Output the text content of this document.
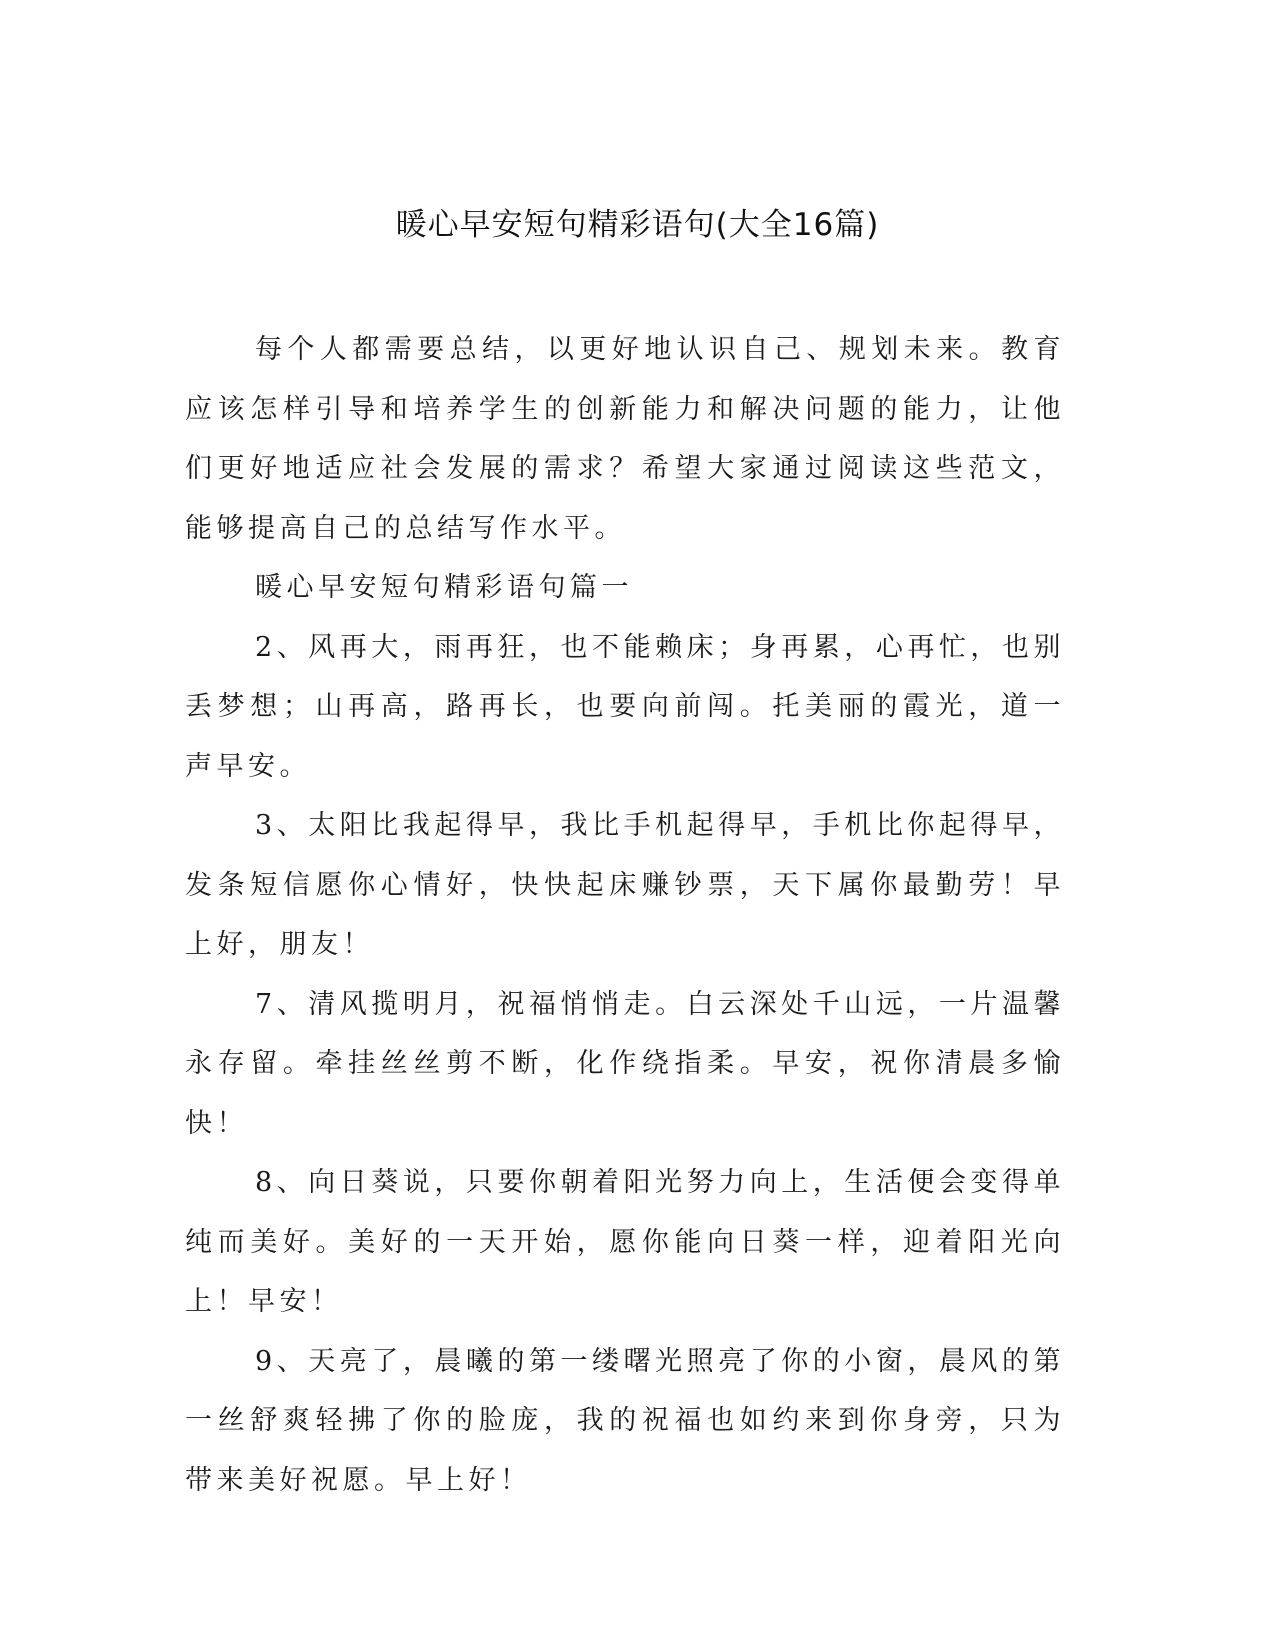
暖心早安短句精彩语句(大全16篇)

每个人都需要总结，以更好地认识自己、规划未来。教育应该怎样引导和培养学生的创新能力和解决问题的能力，让他们更好地适应社会发展的需求？希望大家通过阅读这些范文，能够提高自己的总结写作水平。

暖心早安短句精彩语句篇一

2、风再大，雨再狂，也不能赖床；身再累，心再忙，也别丢梦想；山再高，路再长，也要向前闯。托美丽的霞光，道一声早安。

3、太阳比我起得早，我比手机起得早，手机比你起得早，发条短信愿你心情好，快快起床赚钞票，天下属你最勤劳！早上好，朋友！

7、清风揽明月，祝福悄悄走。白云深处千山远，一片温馨永存留。牵挂丝丝剪不断，化作绕指柔。早安，祝你清晨多愉快！

8、向日葵说，只要你朝着阳光努力向上，生活便会变得单纯而美好。美好的一天开始，愿你能向日葵一样，迎着阳光向上！早安！

9、天亮了，晨曦的第一缕曙光照亮了你的小窗，晨风的第一丝舒爽轻拂了你的脸庞，我的祝福也如约来到你身旁，只为带来美好祝愿。早上好！
